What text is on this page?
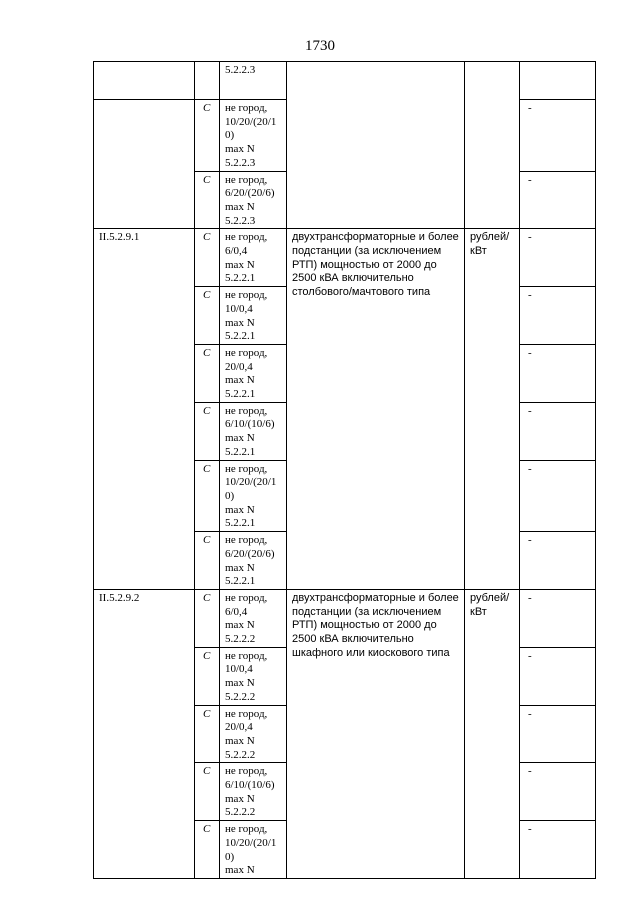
1730

		5.2.2.3			

	C	не город,
10/20/(20/1
0)
max N
5.2.2.3			-
	C	не город,
6/20/(20/6)
max N
5.2.2.3			-
II.5.2.9.1	C	не город,
6/0,4
max N
5.2.2.1	двухтрансформаторные и более подстанции (за исключением РТП) мощностью от 2000 до 2500 кВА включительно столбового/мачтового типа	рублей/ кВт	-
	C	не город,
10/0,4
max N
5.2.2.1			-
	C	не город,
20/0,4
max N
5.2.2.1			-
	C	не город,
6/10/(10/6)
max N
5.2.2.1			-
	C	не город,
10/20/(20/1
0)
max N
5.2.2.1			-
	C	не город,
6/20/(20/6)
max N
5.2.2.1			-
II.5.2.9.2	C	не город,
6/0,4
max N
5.2.2.2	двухтрансформаторные и более подстанции (за исключением РТП) мощностью от 2000 до 2500 кВА включительно шкафного или киоскового типа	рублей/ кВт	-
	C	не город,
10/0,4
max N
5.2.2.2			-
	C	не город,
20/0,4
max N
5.2.2.2			-
	C	не город,
6/10/(10/6)
max N
5.2.2.2			-
	C	не город,
10/20/(20/1
0)
max N			-
